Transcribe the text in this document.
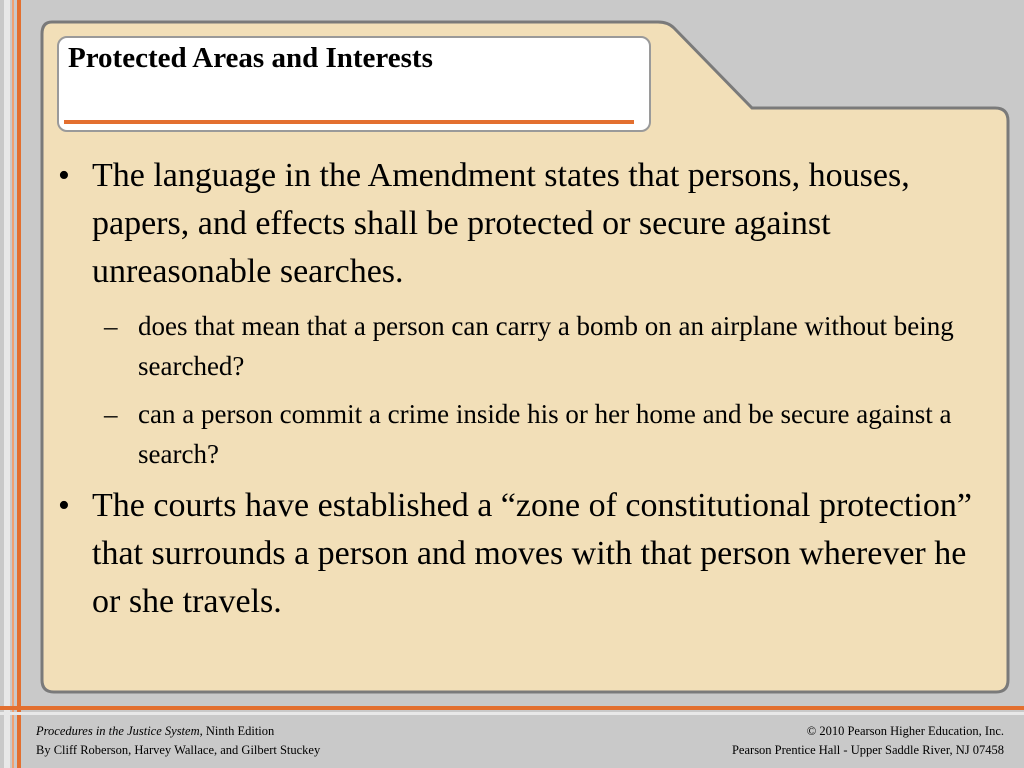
Protected Areas and Interests
• The language in the Amendment states that persons, houses, papers, and effects shall be protected or secure against unreasonable searches.
– does that mean that a person can carry a bomb on an airplane without being searched?
– can a person commit a crime inside his or her home and be secure against a search?
• The courts have established a “zone of constitutional protection” that surrounds a person and moves with that person wherever he or she travels.
Procedures in the Justice System, Ninth Edition
By Cliff Roberson, Harvey Wallace, and Gilbert Stuckey
© 2010 Pearson Higher Education, Inc.
Pearson Prentice Hall - Upper Saddle River, NJ 07458
